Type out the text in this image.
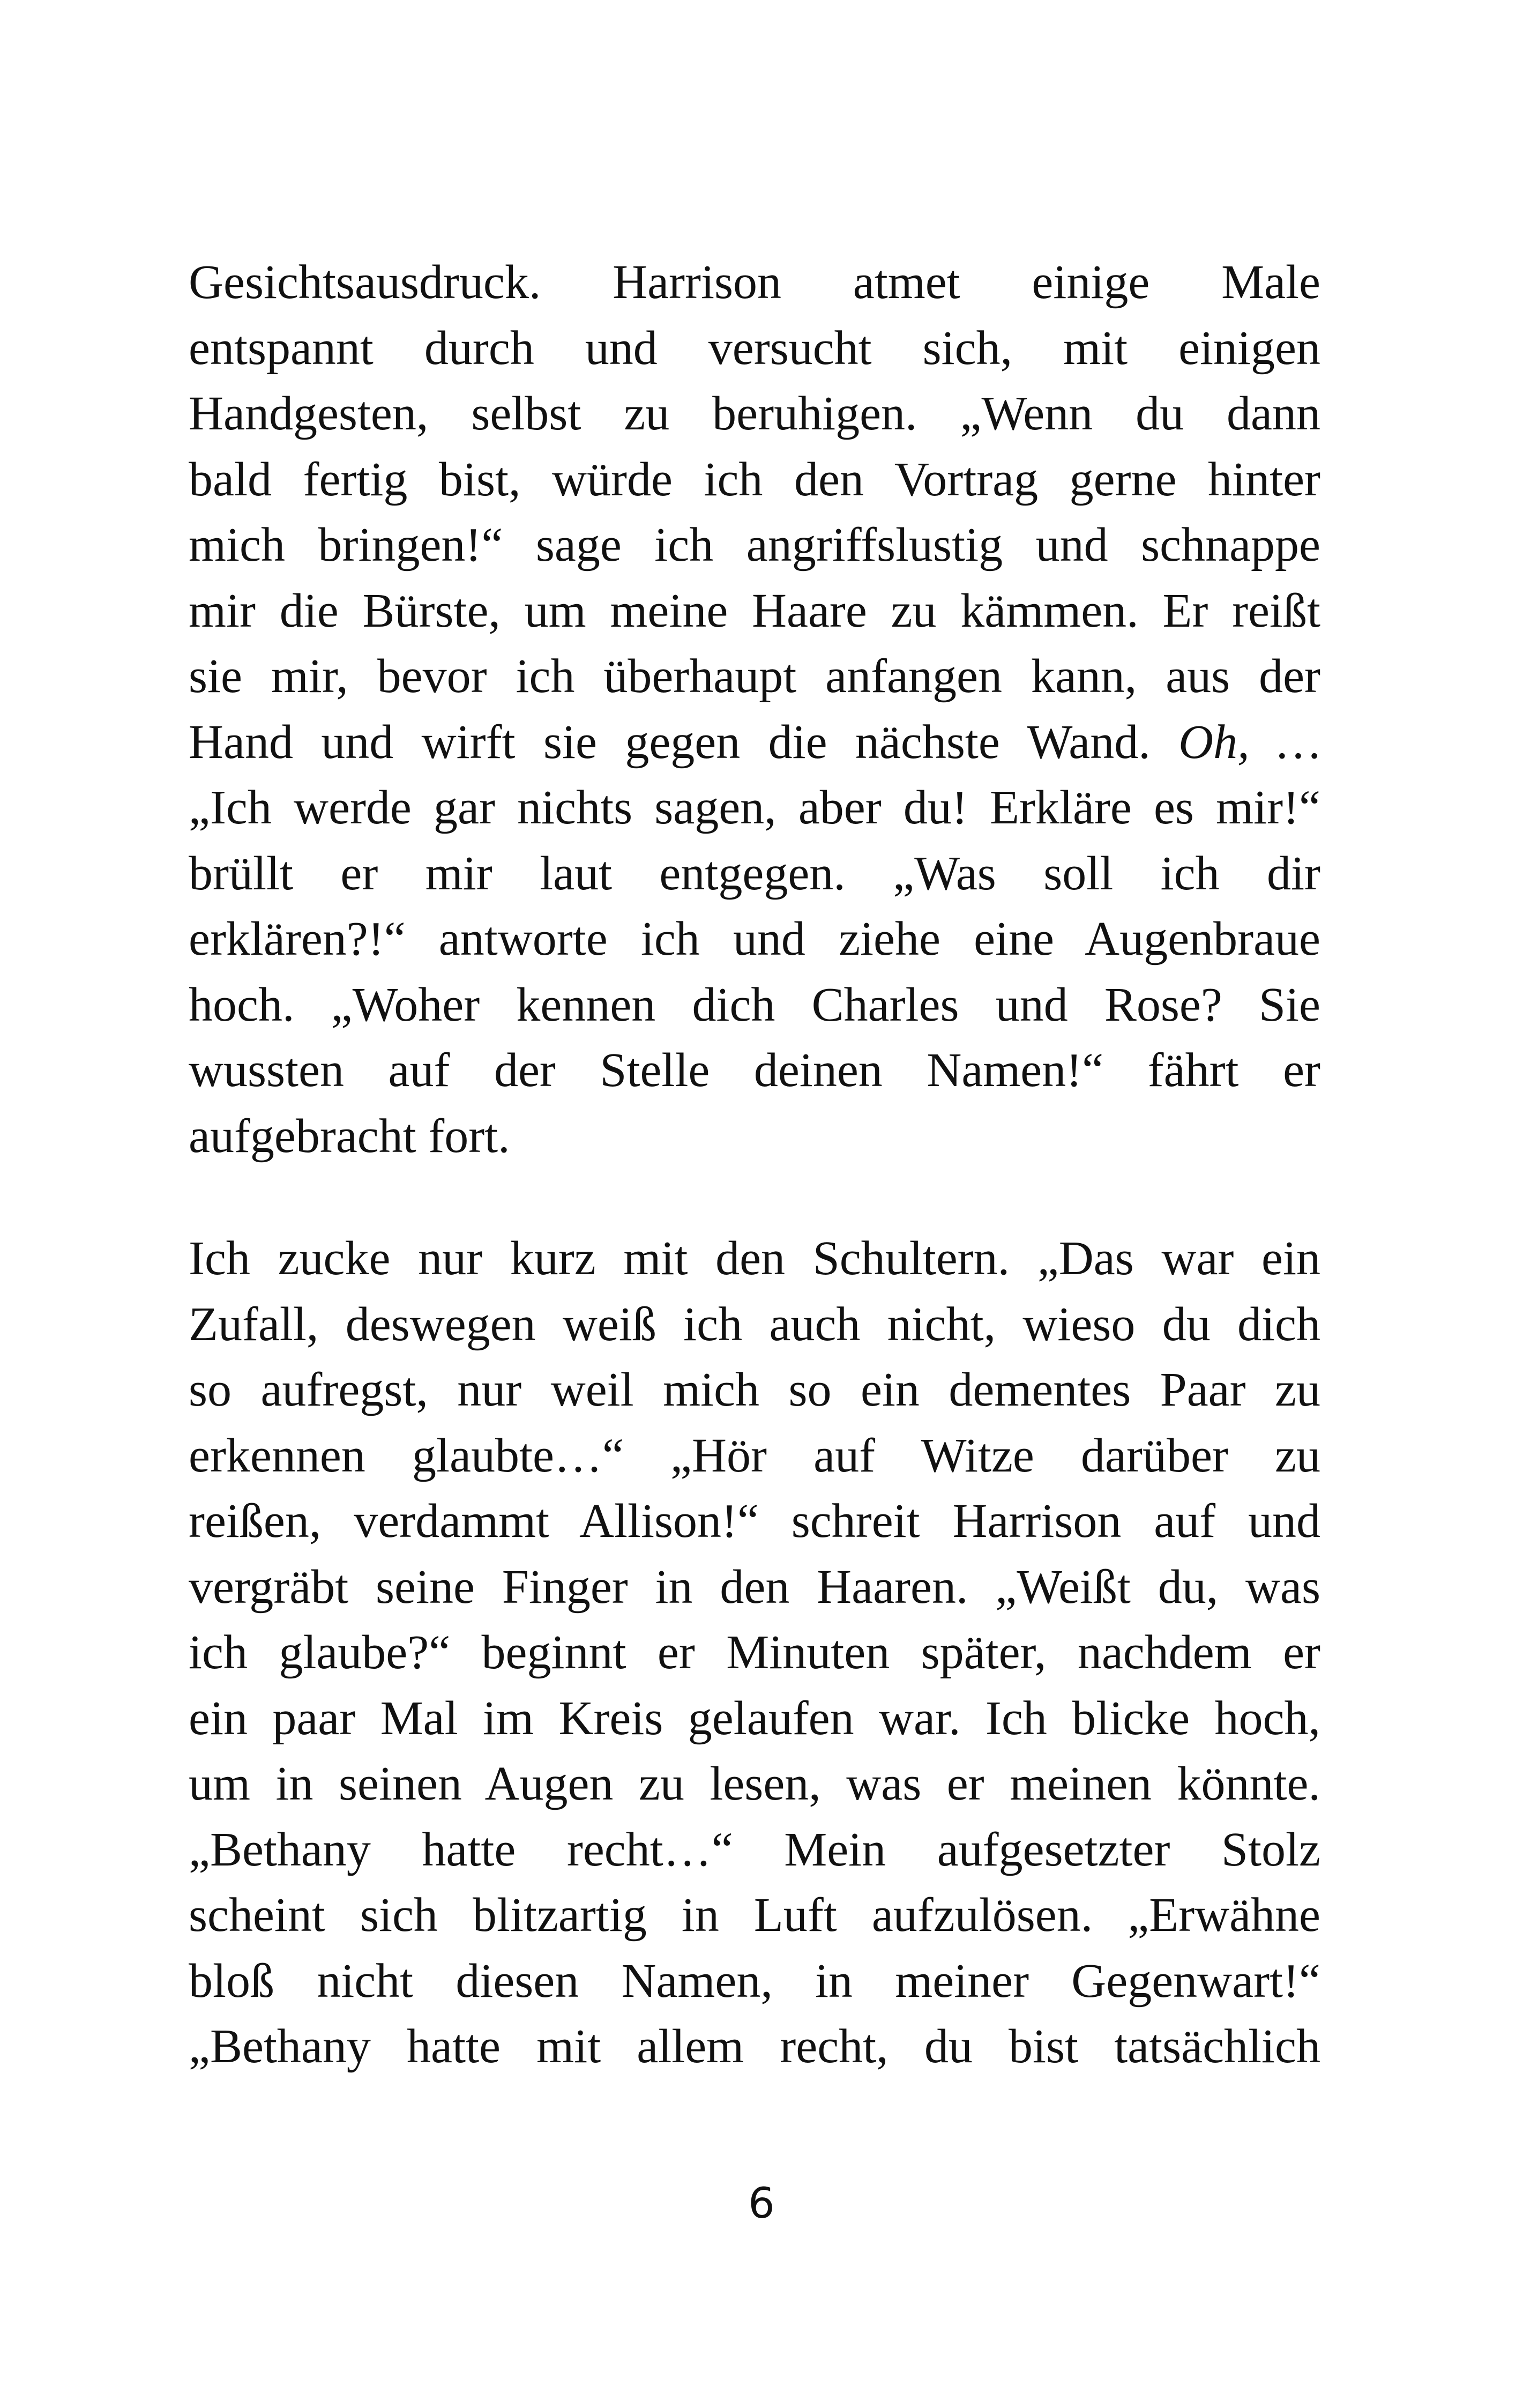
Gesichtsausdruck. Harrison atmet einige Male
entspannt durch und versucht sich, mit einigen
Handgesten, selbst zu beruhigen. „Wenn du dann
bald fertig bist, würde ich den Vortrag gerne hinter
mich bringen!“ sage ich angriffslustig und schnappe
mir die Bürste, um meine Haare zu kämmen. Er reißt
sie mir, bevor ich überhaupt anfangen kann, aus der
Hand und wirft sie gegen die nächste Wand. Oh, …
„Ich werde gar nichts sagen, aber du! Erkläre es mir!“
brüllt er mir laut entgegen. „Was soll ich dir
erklären?!“ antworte ich und ziehe eine Augenbraue
hoch. „Woher kennen dich Charles und Rose? Sie
wussten auf der Stelle deinen Namen!“ fährt er
aufgebracht fort.
Ich zucke nur kurz mit den Schultern. „Das war ein
Zufall, deswegen weiß ich auch nicht, wieso du dich
so aufregst, nur weil mich so ein dementes Paar zu
erkennen glaubte…“ „Hör auf Witze darüber zu
reißen, verdammt Allison!“ schreit Harrison auf und
vergräbt seine Finger in den Haaren. „Weißt du, was
ich glaube?“ beginnt er Minuten später, nachdem er
ein paar Mal im Kreis gelaufen war. Ich blicke hoch,
um in seinen Augen zu lesen, was er meinen könnte.
„Bethany hatte recht…“ Mein aufgesetzter Stolz
scheint sich blitzartig in Luft aufzulösen. „Erwähne
bloß nicht diesen Namen, in meiner Gegenwart!“
„Bethany hatte mit allem recht, du bist tatsächlich
6
